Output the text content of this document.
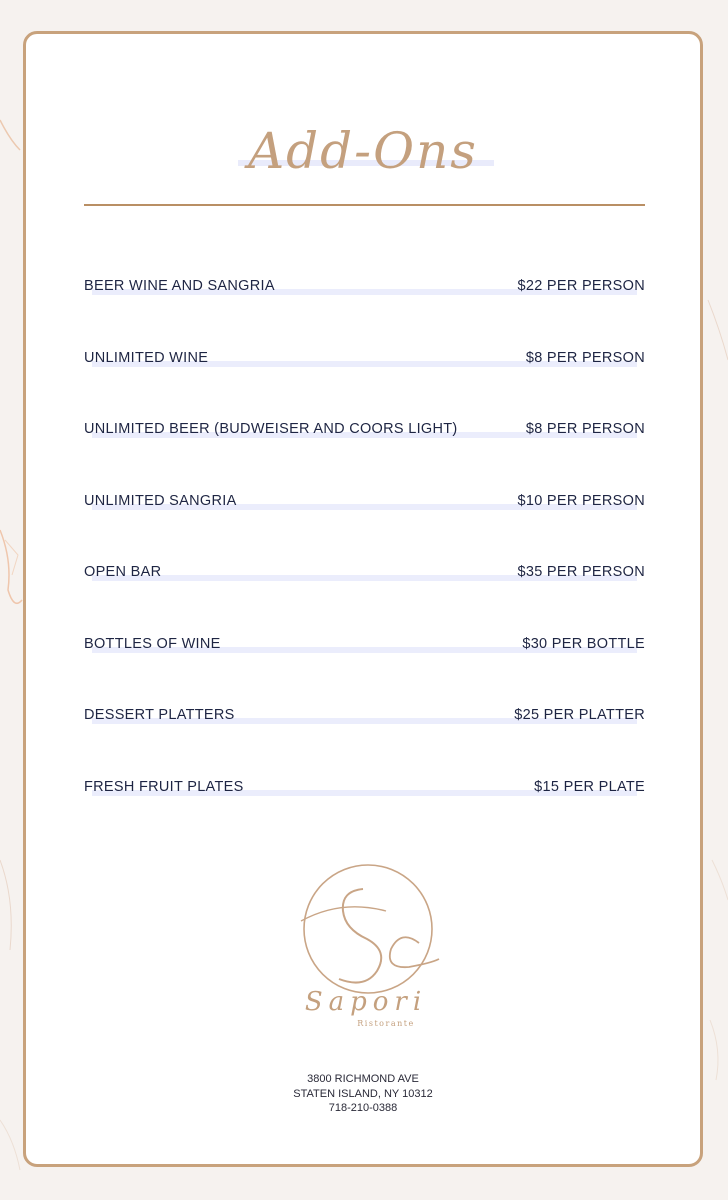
Add-Ons
BEER WINE AND SANGRIA	$22 PER PERSON
UNLIMITED WINE	$8 PER PERSON
UNLIMITED BEER (BUDWEISER AND COORS LIGHT)	$8 PER PERSON
UNLIMITED SANGRIA	$10 PER PERSON
OPEN BAR	$35 PER PERSON
BOTTLES OF WINE	$30 PER BOTTLE
DESSERT PLATTERS	$25 PER PLATTER
FRESH FRUIT PLATES	$15 PER PLATE
Sapori
Ristorante
3800 RICHMOND AVE
STATEN ISLAND, NY 10312
718-210-0388
